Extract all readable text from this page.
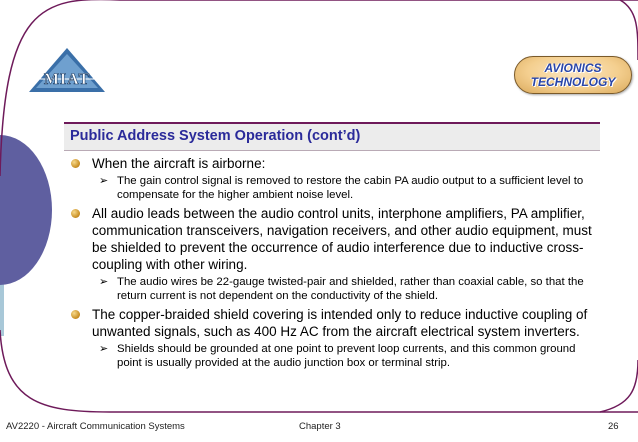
MIAT
AVIONICS
TECHNOLOGY
Public Address System Operation (cont’d)
When the aircraft is airborne:
➢ The gain control signal is removed to restore the cabin PA audio output to a sufficient level to compensate for the higher ambient noise level.
All audio leads between the audio control units, interphone amplifiers, PA amplifier, communication transceivers, navigation receivers, and other audio equipment, must be shielded to prevent the occurrence of audio interference due to inductive cross-coupling with other wiring.
➢ The audio wires be 22-gauge twisted-pair and shielded, rather than coaxial cable, so that the return current is not dependent on the conductivity of the shield.
The copper-braided shield covering is intended only to reduce inductive coupling of unwanted signals, such as 400 Hz AC from the aircraft electrical system inverters.
➢ Shields should be grounded at one point to prevent loop currents, and this common ground point is usually provided at the audio junction box or terminal strip.
AV2220 - Aircraft Communication Systems	Chapter 3	26
